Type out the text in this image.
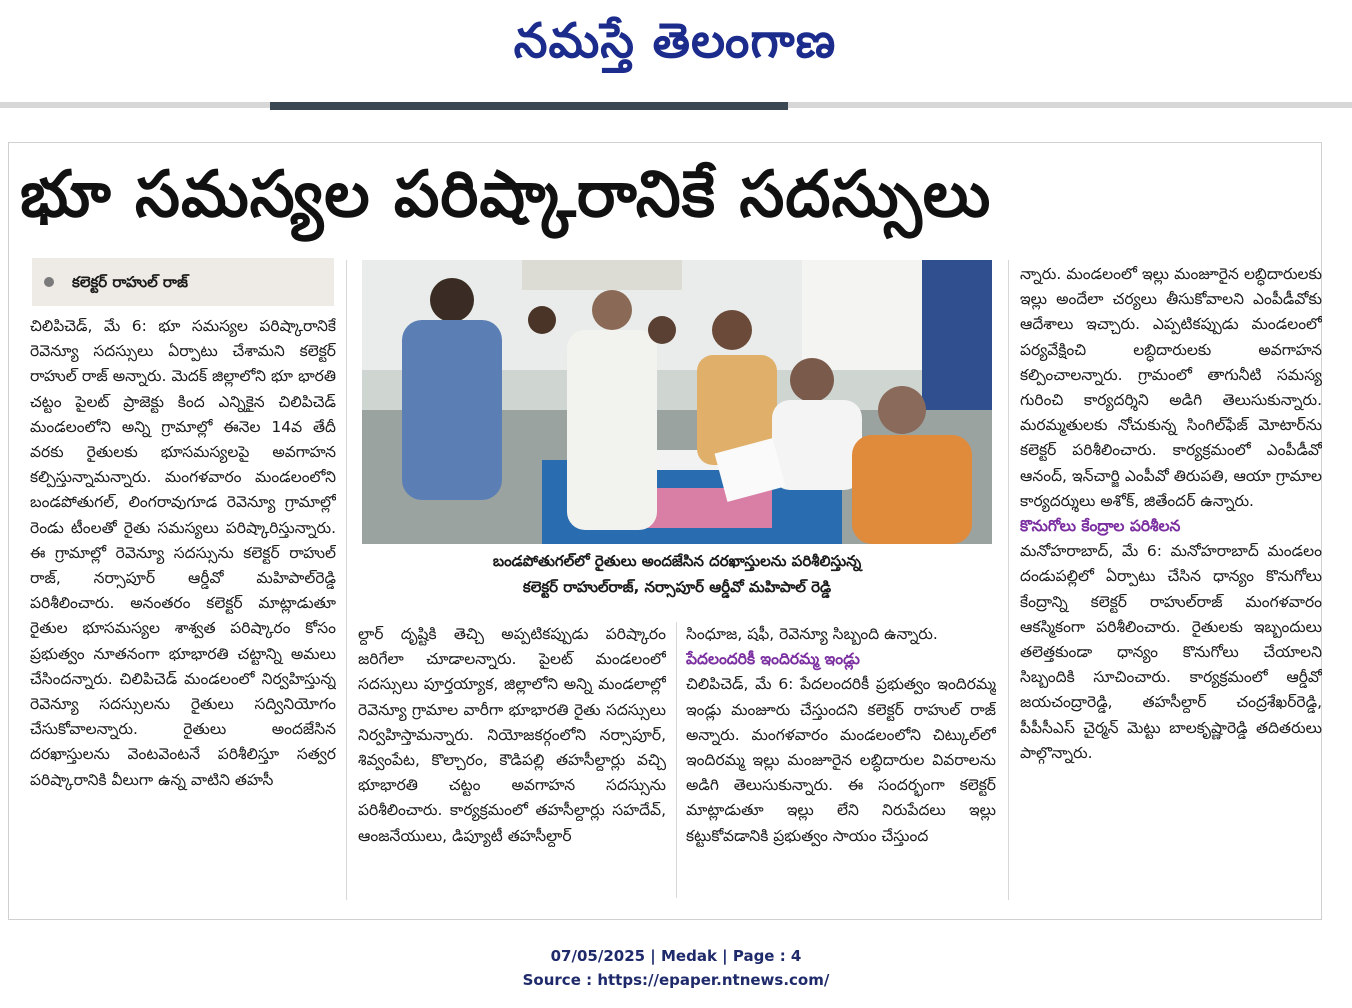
నమస్తే తెలంగాణ
భూ సమస్యల పరిష్కారానికే సదస్సులు
కలెక్టర్ రాహుల్ రాజ్

చిలిపిచెడ్, మే 6: భూ సమస్యల పరిష్కారానికే రెవెన్యూ సదస్సులు ఏర్పాటు చేశామని కలెక్టర్ రాహుల్ రాజ్ అన్నారు. మెదక్ జిల్లాలోని భూ భారతి చట్టం పైలట్ ప్రాజెక్టు కింద ఎన్నికైన చిలిపిచెడ్ మండలంలోని అన్ని గ్రామాల్లో ఈనెల 14వ తేదీ వరకు రైతులకు భూసమస్యలపై అవగాహన కల్పిస్తున్నామన్నారు. మంగళవారం మండలంలోని బండపోతుగల్, లింగరావుగూడ రెవెన్యూ గ్రామాల్లో రెండు టీంలతో రైతు సమస్యలు పరిష్కారిస్తున్నారు. ఈ గ్రామాల్లో రెవెన్యూ సదస్సును కలెక్టర్ రాహుల్ రాజ్, నర్సాపూర్ ఆర్డీవో మహిపాల్‌రెడ్డి పరిశీలించారు. అనంతరం కలెక్టర్ మాట్లాడుతూ రైతుల భూసమస్యల శాశ్వత పరిష్కారం కోసం ప్రభుత్వం నూతనంగా భూభారతి చట్టాన్ని అమలు చేసిందన్నారు. చిలిపిచెడ్ మండలంలో నిర్వహిస్తున్న రెవెన్యూ సదస్సులను రైతులు సద్వినియోగం చేసుకోవాలన్నారు. రైతులు అందజేసిన దరఖాస్తులను వెంటవెంటనే పరిశీలిస్తూ సత్వర పరిష్కారానికి వీలుగా ఉన్న వాటిని తహసీ

బండపోతుగల్‌లో రైతులు అందజేసిన దరఖాస్తులను పరిశీలిస్తున్న
కలెక్టర్ రాహుల్‌రాజ్, నర్సాపూర్ ఆర్డీవో మహిపాల్ రెడ్డి

ల్దార్ దృష్టికి తెచ్చి అప్పటికప్పుడు పరిష్కారం జరిగేలా చూడాలన్నారు. పైలట్ మండలంలో సదస్సులు పూర్తయ్యాక, జిల్లాలోని అన్ని మండలాల్లో రెవెన్యూ గ్రామాల వారీగా భూభారతి రైతు సదస్సులు నిర్వహిస్తామన్నారు. నియోజకర్గంలోని నర్సాపూర్, శివ్వంపేట, కొల్చారం, కౌడిపల్లి తహసీల్దార్లు వచ్చి భూభారతి చట్టం అవగాహన సదస్సును పరిశీలించారు. కార్యక్రమంలో తహసీల్దార్లు సహదేవ్, ఆంజనేయులు, డిప్యూటీ తహసీల్దార్

సింధూజ, షఫీ, రెవెన్యూ సిబ్బంది ఉన్నారు.

పేదలందరికీ ఇందిరమ్మ ఇండ్లు

చిలిపిచెడ్, మే 6: పేదలందరికీ ప్రభుత్వం ఇందిరమ్మ ఇండ్లు మంజూరు చేస్తుందని కలెక్టర్ రాహుల్ రాజ్ అన్నారు. మంగళవారం మండలంలోని చిట్కుల్‌లో ఇందిరమ్మ ఇల్లు మంజూరైన లబ్ధిదారుల వివరాలను అడిగి తెలుసుకున్నారు. ఈ సందర్భంగా కలెక్టర్ మాట్లాడుతూ ఇల్లు లేని నిరుపేదలు ఇల్లు కట్టుకోవడానికి ప్రభుత్వం సాయం చేస్తుంద

న్నారు. మండలంలో ఇల్లు మంజూరైన లబ్ధిదారులకు ఇల్లు అందేలా చర్యలు తీసుకోవాలని ఎంపీడీవోకు ఆదేశాలు ఇచ్చారు. ఎప్పటికప్పుడు మండలంలో పర్యవేక్షించి లబ్ధిదారులకు అవగాహన కల్పించాలన్నారు. గ్రామంలో తాగునీటి సమస్య గురించి కార్యదర్శిని అడిగి తెలుసుకున్నారు. మరమ్మతులకు నోచుకున్న సింగిల్‌ఫేజ్ మోటార్‌ను కలెక్టర్ పరిశీలించారు. కార్యక్రమంలో ఎంపీడీవో ఆనంద్, ఇన్‌చార్జి ఎంపీవో తిరుపతి, ఆయా గ్రామాల కార్యదర్శులు అశోక్, జితేందర్ ఉన్నారు.

కొనుగోలు కేంద్రాల పరిశీలన

మనోహరాబాద్, మే 6: మనోహరాబాద్ మండలం దండుపల్లిలో ఏర్పాటు చేసిన ధాన్యం కొనుగోలు కేంద్రాన్ని కలెక్టర్ రాహుల్‌రాజ్ మంగళవారం ఆకస్మికంగా పరిశీలించారు. రైతులకు ఇబ్బందులు తలెత్తకుండా ధాన్యం కొనుగోలు చేయాలని సిబ్బందికి సూచించారు. కార్యక్రమంలో ఆర్డీవో జయచంద్రారెడ్డి, తహసీల్దార్ చంద్రశేఖర్‌రెడ్డి, పీపీసీఎస్ చైర్మన్ మెట్టు బాలకృష్ణారెడ్డి తదితరులు పాల్గొన్నారు.

07/05/2025 | Medak | Page : 4
Source : https://epaper.ntnews.com/
